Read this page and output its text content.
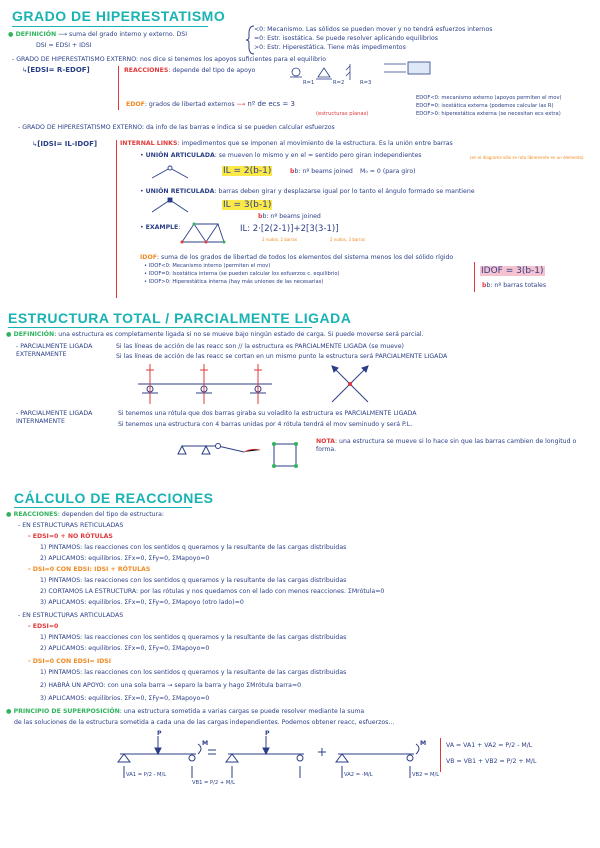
GRADO DE HIPERESTATISMO
● DEFINICIÓN ⟶ suma del grado interno y externo. DSI
DSI = EDSI + IDSI
<0: Mecanismo. Las sólidos se pueden mover y no tendrá esfuerzos internos
=0: Estr. isostática. Se puede resolver aplicando equilibrios
>0: Estr. Hiperestática. Tiene más impedimentos
- GRADO DE HIPERESTATISMO EXTERNO: nos dice si tenemos los apoyos suficientes para el equilibrio
↳[EDSI= R-EDOF]	REACCIONES: depende del tipo de apoyo
R=1	R=2	R=3
EDOF: grados de libertad externos ⟶ nº de ecs = 3
(estructuras planas)
EDOF<0: mecanismo externo (apoyos permiten el mov)
EDOF=0: isostática externa (podemos calcular las R)
EDOF>0: hiperestática externa (se necesitan ecs extra)
- GRADO DE HIPERESTATISMO EXTERNO: da info de las barras e indica si se pueden calcular esfuerzos
↳[IDSI= IL-IDOF]	INTERNAL LINKS: impedimentos que se imponen al movimiento de la estructura. Es la unión entre barras
• UNIÓN ARTICULADA: se mueven lo mismo y en el = sentido pero giran independientes	(en el diagrama sólo se rota libremente en un elemento)
IL = 2(b-1)	bb: nº beams joined M₀ = 0 (para giro)
• UNIÓN RETICULADA: barras deben girar y desplazarse igual por lo tanto el ángulo formado se mantiene
IL = 3(b-1)
bb: nº beams joined
• EXAMPLE:	IL: 2·[2(2-1)]+2[3(3-1)]
2 nudos, 2 barras	2 nudos, 3 barras
IDOF: suma de los grados de libertad de todos los elementos del sistema menos los del sólido rígido
• IDOF<0: Mecanismo interno (permiten el mov)
• IDOF=0: Isostática interna (se pueden calcular los esfuerzos c. equilibrio)
• IDOF>0: Hiperestática interna (hay más uniones de las necesarias)
IDOF = 3(b-1)
bb: nº barras totales
ESTRUCTURA TOTAL / PARCIALMENTE LIGADA
● DEFINICIÓN: una estructura es completamente ligada si no se mueve bajo ningún estado de carga. Si puede moverse será parcial.
- PARCIALMENTE LIGADA EXTERNAMENTE
Si las líneas de acción de las reacc son // la estructura es PARCIALMENTE LIGADA (se mueve)
Si las líneas de acción de las reacc se cortan en un mismo punto la estructura será PARCIALMENTE LIGADA
- PARCIALMENTE LIGADA INTERNAMENTE
Si tenemos una rótula que dos barras giraba su voladito la estructura es PARCIALMENTE LIGADA
Si tenemos una estructura con 4 barras unidas por 4 rótula tendrá el mov seminudo y será P.L.
NOTA: una estructura se mueve si lo hace sin que las barras cambien de longitud o forma.
CÁLCULO DE REACCIONES
● REACCIONES: dependen del tipo de estructura:
- EN ESTRUCTURAS RETICULADAS
- EDSI=0 + NO RÓTULAS
1) PINTAMOS: las reacciones con los sentidos q queramos y la resultante de las cargas distribuidas
2) APLICAMOS: equilibrios. ΣFx=0, ΣFy=0, ΣMapoyo=0
- DSI=0 CON EDSI: IDSI + RÓTULAS
1) PINTAMOS: las reacciones con los sentidos q queramos y la resultante de las cargas distribuidas
2) CORTAMOS LA ESTRUCTURA: por las rótulas y nos quedamos con el lado con menos reacciones. ΣMrótula=0
3) APLICAMOS: equilibrios. ΣFx=0, ΣFy=0, ΣMapoyo (otro lado)=0
- EN ESTRUCTURAS ARTICULADAS
- EDSI=0
1) PINTAMOS: las reacciones con los sentidos q queramos y la resultante de las cargas distribuidas
2) APLICAMOS: equilibrios. ΣFx=0, ΣFy=0, ΣMapoyo=0
- DSI=0 CON EDSI= IDSI
1) PINTAMOS: las reacciones con los sentidos q queramos y la resultante de las cargas distribuidas
2) HABRÁ UN APOYO: con una sola barra → separo la barra y hago ΣMrótula barra=0
3) APLICAMOS: equilibrios. ΣFx=0, ΣFy=0, ΣMapoyo=0
● PRINCIPIO DE SUPERPOSICIÓN: una estructura sometida a varias cargas se puede resolver mediante la suma
de las soluciones de la estructura sometida a cada una de las cargas independientes. Podemos obtener reacc, esfuerzos...
P
M
P
M
VA1 = P/2 - M/L
VB1 = P/2 + M/L
VA2 = -M/L	VB2 = M/L
VA = VA1 + VA2 = P/2 - M/L
VB = VB1 + VB2 = P/2 + M/L
